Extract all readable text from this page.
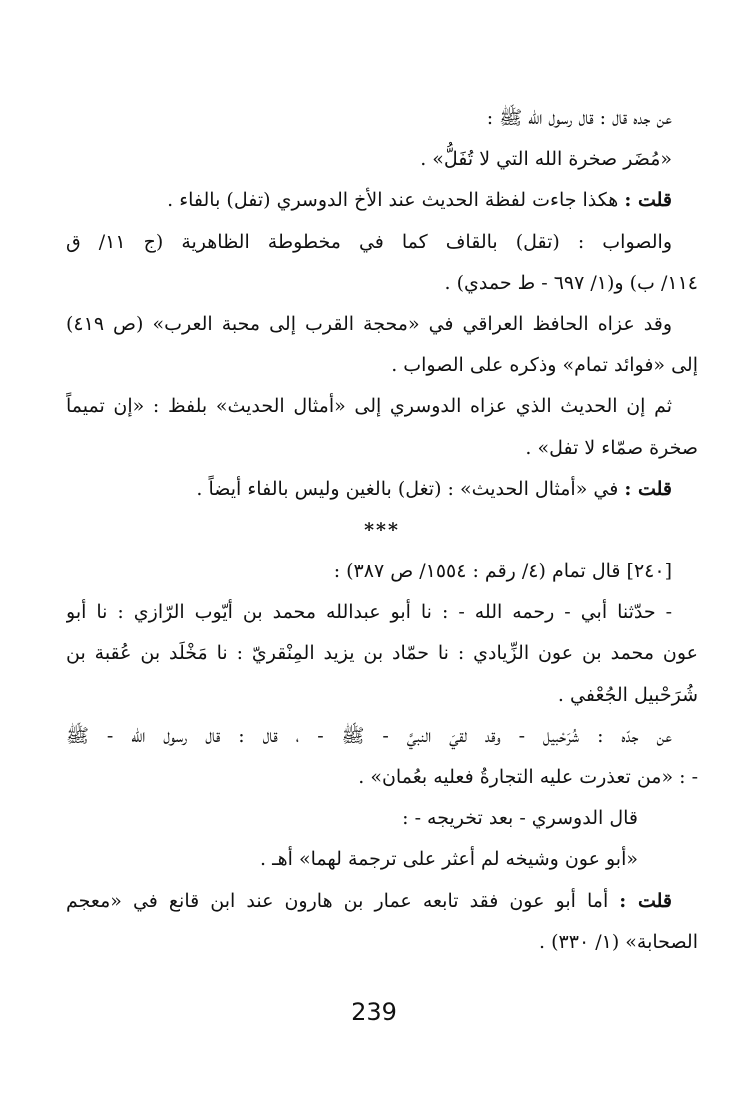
عن جده قال : قال رسول الله ﷺ :
«مُضَر صخرة الله التي لا تُفَلُّ» .
قلت : هكذا جاءت لفظة الحديث عند الأخ الدوسري (تفل) بالفاء .
والصواب : (تقل) بالقاف كما في مخطوطة الظاهرية (ج ١١/ ق
١١٤/ ب) و(١/ ٦٩٧ - ط حمدي) .
وقد عزاه الحافظ العراقي في «محجة القرب إلى محبة العرب» (ص ٤١٩)
إلى «فوائد تمام» وذكره على الصواب .
ثم إن الحديث الذي عزاه الدوسري إلى «أمثال الحديث» بلفظ : «إن تميماً
صخرة صمّاء لا تفل» .
قلت : في «أمثال الحديث» : (تغل) بالغين وليس بالفاء أيضاً .
***
[٢٤٠] قال تمام (٤/ رقم : ١٥٥٤/ ص ٣٨٧) :
- حدّثنا أبي - رحمه الله - : نا أبو عبدالله محمد بن أيّوب الرّازي : نا أبو
عون محمد بن عون الزِّيادي : نا حمّاد بن يزيد المِنْقريّ : نا مَخْلَد بن عُقبة بن
شُرَحْبيل الجُعْفي .
عن جدّه : شُرَحْبيل - وقد لقيَ النبيَّ - ﷺ - ، قال : قال رسول الله - ﷺ
- : «من تعذرت عليه التجارةُ فعليه بعُمان» .
قال الدوسري - بعد تخريجه - :
«أبو عون وشيخه لم أعثر على ترجمة لهما» أهـ .
قلت : أما أبو عون فقد تابعه عمار بن هارون عند ابن قانع في «معجم
الصحابة» (١/ ٣٣٠) .
239
